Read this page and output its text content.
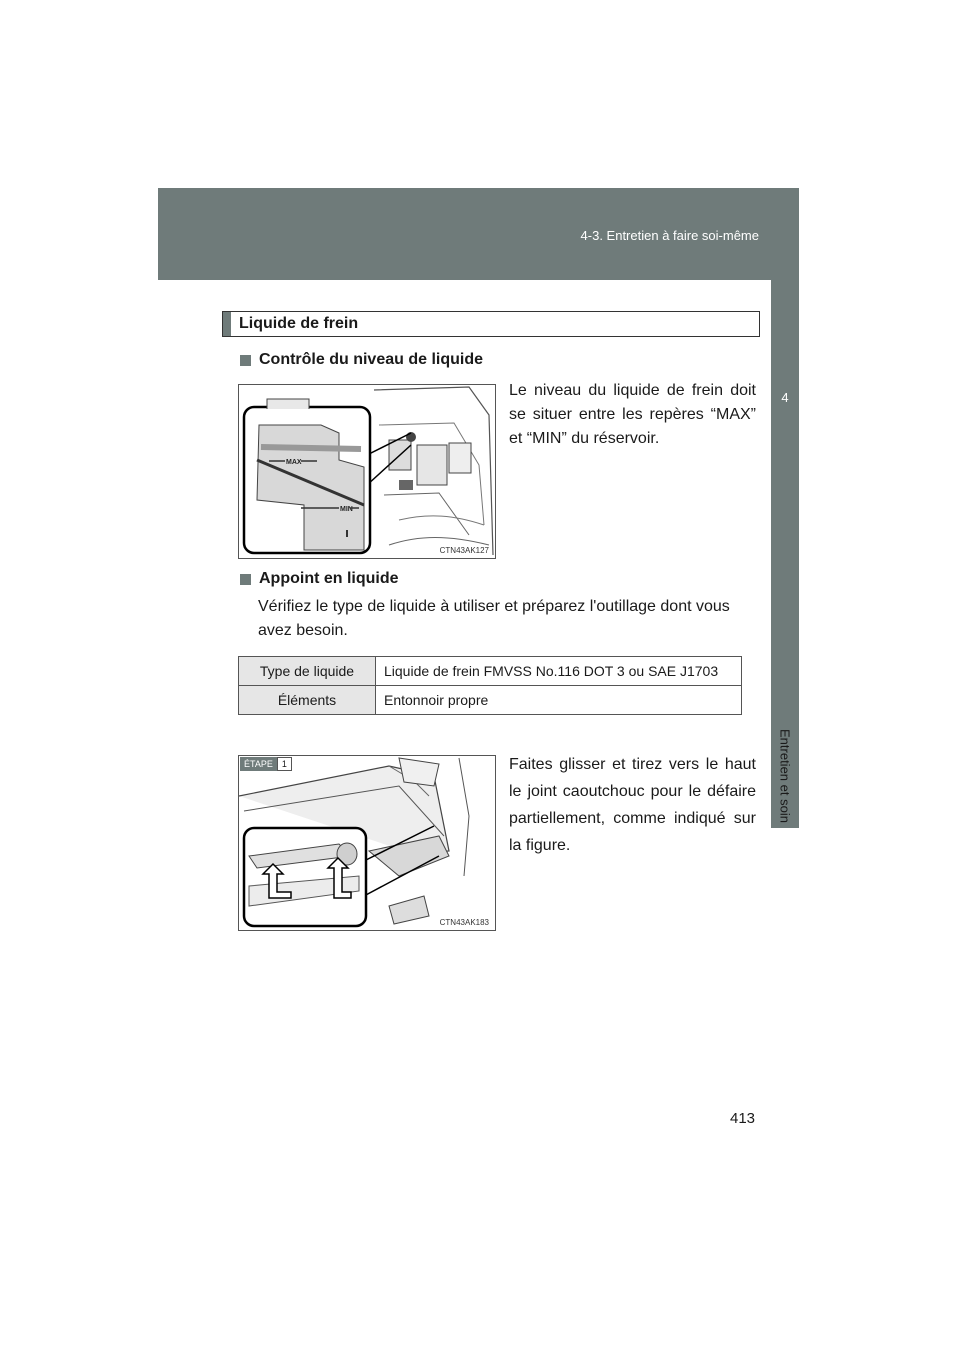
4-3. Entretien à faire soi-même
4
Entretien et soin
Liquide de frein
Contrôle du niveau de liquide
MAX
MIN
CTN43AK127
Le niveau du liquide de frein doit se situer entre les repères “MAX” et “MIN” du réservoir.
Appoint en liquide
Vérifiez le type de liquide à utiliser et préparez l'outillage dont vous avez besoin.
Type de liquide	Liquide de frein FMVSS No.116 DOT 3 ou SAE J1703
Éléments	Entonnoir propre
CTN43AK183
ÉTAPE	1	Faites glisser et tirez vers le haut le joint caoutchouc pour le défaire partiellement, comme indiqué sur la figure.
413
